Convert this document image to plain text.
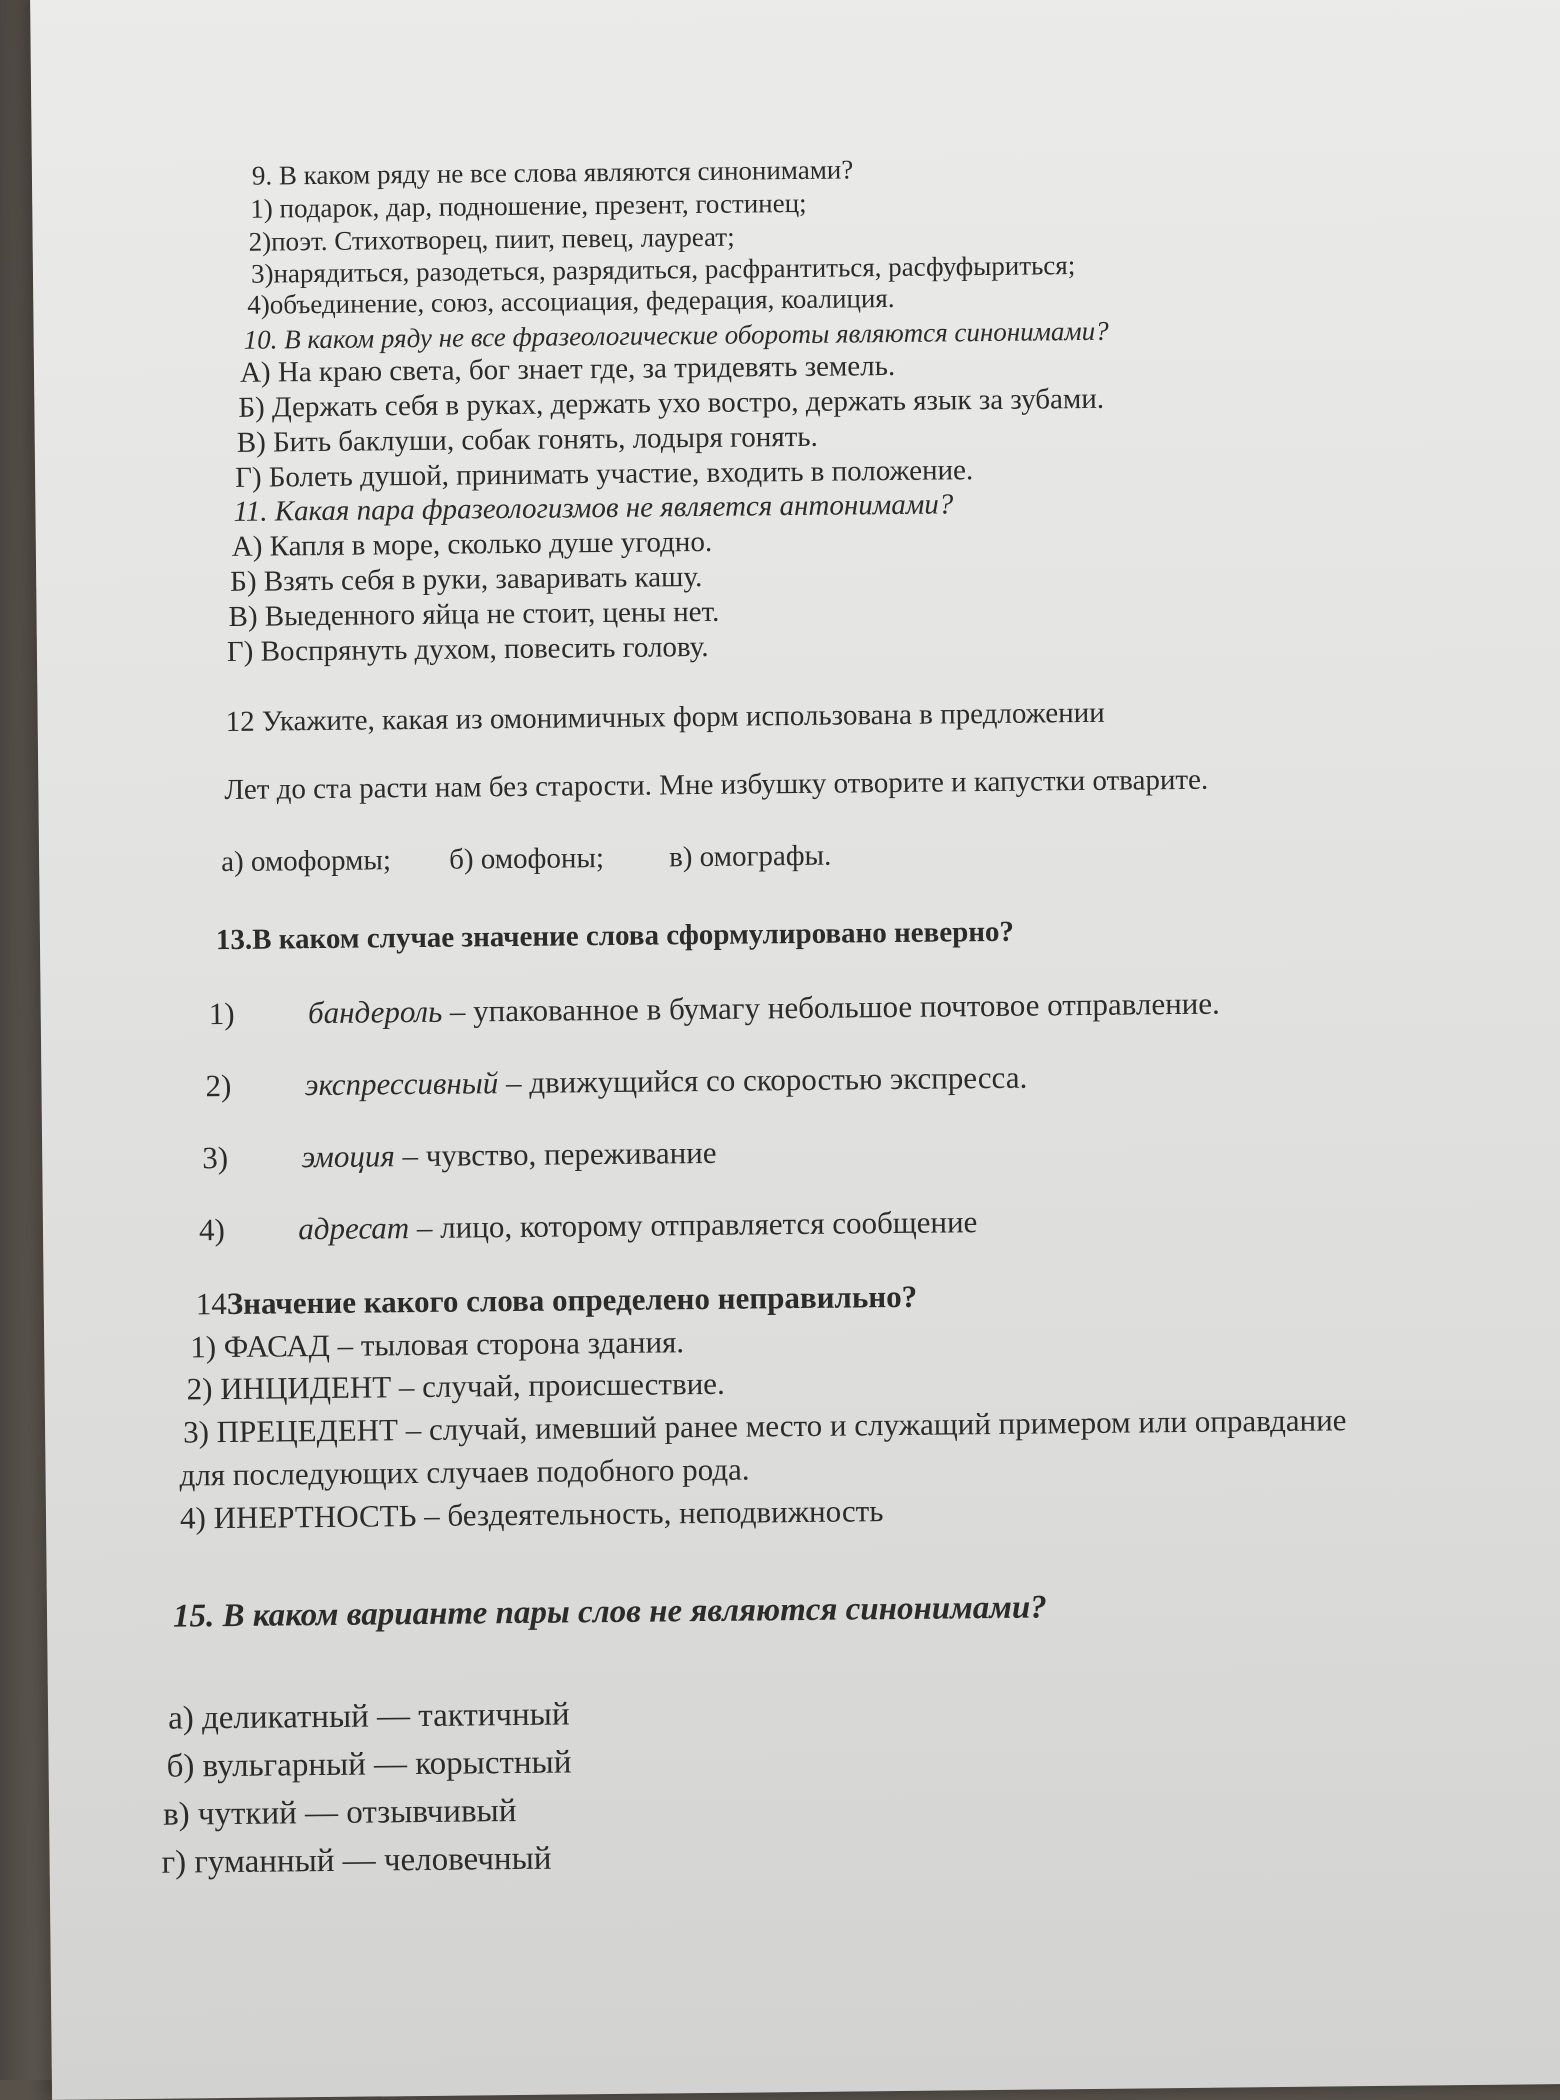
9. В каком ряду не все слова являются синонимами?
1) подарок, дар, подношение, презент, гостинец;
2)поэт. Стихотворец, пиит, певец, лауреат;
3)нарядиться, разодеться, разрядиться, расфрантиться, расфуфыриться;
4)объединение, союз, ассоциация, федерация, коалиция.
10. В каком ряду не все фразеологические обороты являются синонимами?
А) На краю света, бог знает где, за тридевять земель.
Б) Держать себя в руках, держать ухо востро, держать язык за зубами.
В) Бить баклуши, собак гонять, лодыря гонять.
Г) Болеть душой, принимать участие, входить в положение.
11. Какая пара фразеологизмов не является антонимами?
А) Капля в море, сколько душе угодно.
Б) Взять себя в руки, заваривать кашу.
В) Выеденного яйца не стоит, цены нет.
Г) Воспрянуть духом, повесить голову.
12 Укажите, какая из омонимичных форм использована в предложении
Лет до ста расти нам без старости. Мне избушку отворите и капустки отварите.
а) омоформы; б) омофоны; в) омографы.
13.В каком случае значение слова сформулировано неверно?
1) бандероль – упакованное в бумагу небольшое почтовое отправление.
2) экспрессивный – движущийся со скоростью экспресса.
3) эмоция – чувство, переживание
4) адресат – лицо, которому отправляется сообщение
14Значение какого слова определено неправильно?
1) ФАСАД – тыловая сторона здания.
2) ИНЦИДЕНТ – случай, происшествие.
3) ПРЕЦЕДЕНТ – случай, имевший ранее место и служащий примером или оправдание
для последующих случаев подобного рода.
4) ИНЕРТНОСТЬ – бездеятельность, неподвижность
15. В каком варианте пары слов не являются синонимами?
а) деликатный — тактичный
б) вульгарный — корыстный
в) чуткий — отзывчивый
г) гуманный — человечный
